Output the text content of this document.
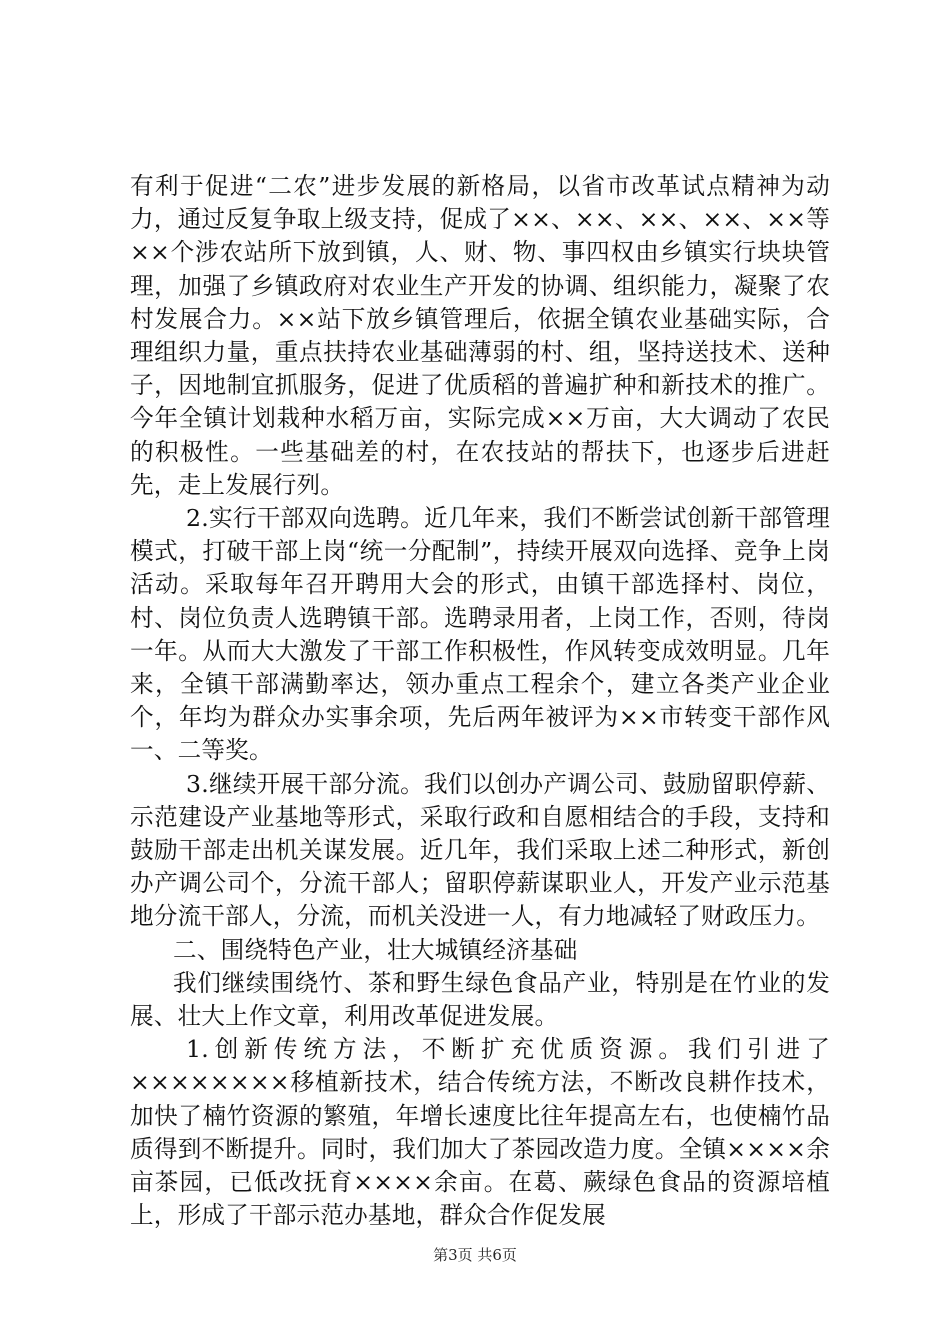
有利于促进“二农”进步发展的新格局，以省市改革试点精神为动力，通过反复争取上级支持，促成了××、××、××、××、××等××个涉农站所下放到镇，人、财、物、事四权由乡镇实行块块管理，加强了乡镇政府对农业生产开发的协调、组织能力，凝聚了农村发展合力。××站下放乡镇管理后，依据全镇农业基础实际，合理组织力量，重点扶持农业基础薄弱的村、组，坚持送技术、送种子，因地制宜抓服务，促进了优质稻的普遍扩种和新技术的推广。今年全镇计划栽种水稻万亩，实际完成××万亩，大大调动了农民的积极性。一些基础差的村，在农技站的帮扶下，也逐步后进赶先，走上发展行列。

2.实行干部双向选聘。近几年来，我们不断尝试创新干部管理模式，打破干部上岗“统一分配制”，持续开展双向选择、竞争上岗活动。采取每年召开聘用大会的形式，由镇干部选择村、岗位，村、岗位负责人选聘镇干部。选聘录用者，上岗工作，否则，待岗一年。从而大大激发了干部工作积极性，作风转变成效明显。几年来，全镇干部满勤率达，领办重点工程余个，建立各类产业企业个，年均为群众办实事余项，先后两年被评为××市转变干部作风一、二等奖。

3.继续开展干部分流。我们以创办产调公司、鼓励留职停薪、示范建设产业基地等形式，采取行政和自愿相结合的手段，支持和鼓励干部走出机关谋发展。近几年，我们采取上述二种形式，新创办产调公司个，分流干部人；留职停薪谋职业人，开发产业示范基地分流干部人，分流，而机关没进一人，有力地减轻了财政压力。

二、围绕特色产业，壮大城镇经济基础

我们继续围绕竹、茶和野生绿色食品产业，特别是在竹业的发展、壮大上作文章，利用改革促进发展。

1.创新传统方法，不断扩充优质资源。我们引进了××××××××移植新技术，结合传统方法，不断改良耕作技术，加快了楠竹资源的繁殖，年增长速度比往年提高左右，也使楠竹品质得到不断提升。同时，我们加大了茶园改造力度。全镇××××余亩茶园，已低改抚育××××余亩。在葛、蕨绿色食品的资源培植上，形成了干部示范办基地，群众合作促发展

第3页 共6页
